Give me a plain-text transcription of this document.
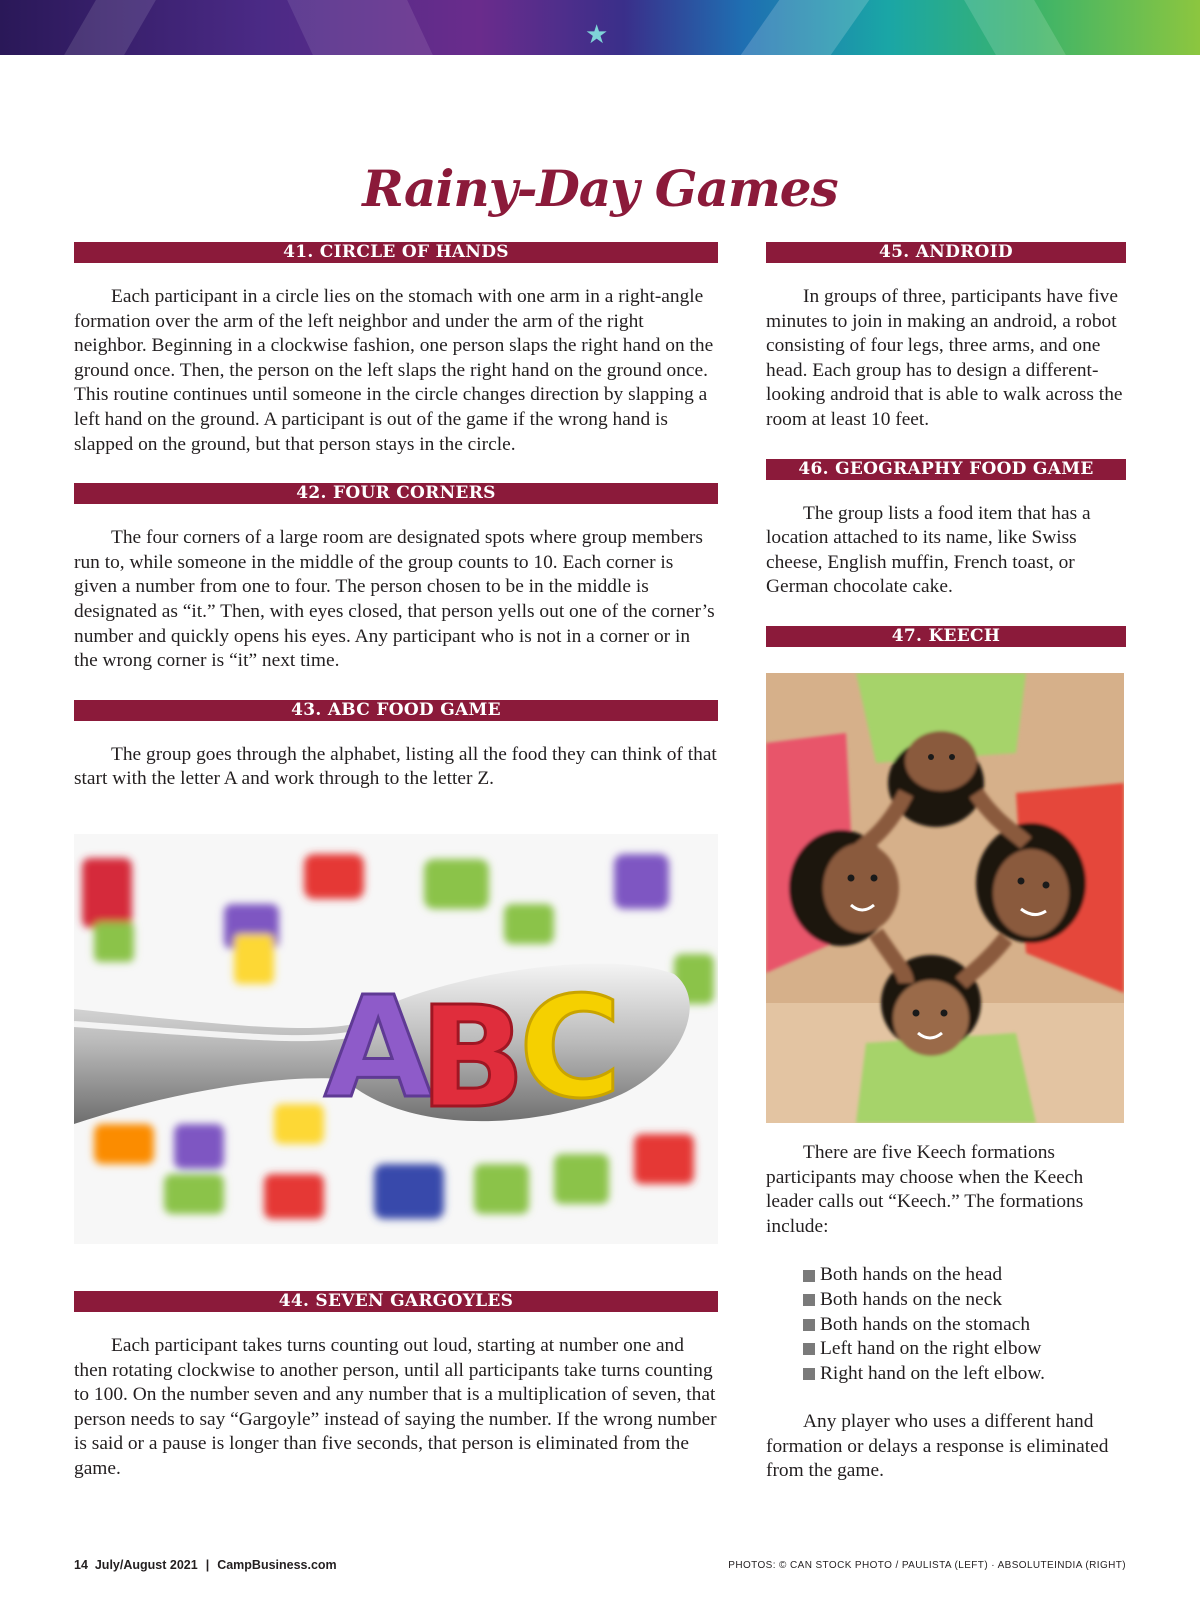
★
Rainy-Day Games
41. CIRCLE OF HANDS

Each participant in a circle lies on the stomach with one arm in a right-angle formation over the arm of the left neighbor and under the arm of the right neighbor. Beginning in a clockwise fashion, one person slaps the right hand on the ground once. Then, the person on the left slaps the right hand on the ground once. This routine continues until someone in the circle changes direction by slapping a left hand on the ground. A participant is out of the game if the wrong hand is slapped on the ground, but that person stays in the circle.

42. FOUR CORNERS

The four corners of a large room are designated spots where group members run to, while someone in the middle of the group counts to 10. Each corner is given a number from one to four. The person chosen to be in the middle is designated as “it.” Then, with eyes closed, that person yells out one of the corner’s number and quickly opens his eyes. Any participant who is not in a corner or in the wrong corner is “it” next time.

43. ABC FOOD GAME

The group goes through the alphabet, listing all the food they can think of that start with the letter A and work through to the letter Z.

A
B
C
44. SEVEN GARGOYLES

Each participant takes turns counting out loud, starting at number one and then rotating clockwise to another person, until all participants take turns counting to 100. On the number seven and any number that is a multiplication of seven, that person needs to say “Gargoyle” instead of saying the number. If the wrong number is said or a pause is longer than five seconds, that person is eliminated from the game.

45. ANDROID

In groups of three, participants have five minutes to join in making an android, a robot consisting of four legs, three arms, and one head. Each group has to design a different-looking android that is able to walk across the room at least 10 feet.

46. GEOGRAPHY FOOD GAME

The group lists a food item that has a location attached to its name, like Swiss cheese, English muffin, French toast, or German chocolate cake.

47. KEECH

There are five Keech formations participants may choose when the Keech leader calls out “Keech.” The formations include:

Both hands on the head
Both hands on the neck
Both hands on the stomach
Left hand on the right elbow
Right hand on the left elbow.

Any player who uses a different hand formation or delays a response is eliminated from the game.

14 July/August 2021 | CampBusiness.com	PHOTOS: © CAN STOCK PHOTO / PAULISTA (LEFT) · ABSOLUTEINDIA (RIGHT)
